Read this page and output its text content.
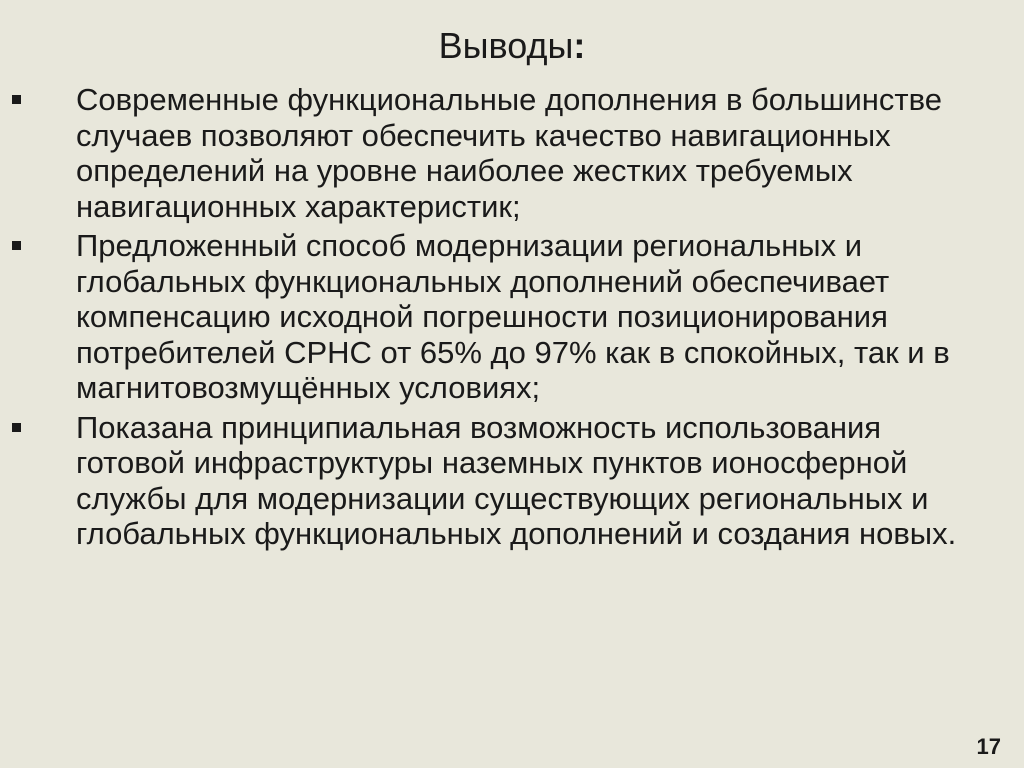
Выводы:
Современные функциональные дополнения в большинстве случаев позволяют обеспечить качество навигационных определений на уровне наиболее жестких требуемых навигационных характеристик;
Предложенный способ модернизации региональных и глобальных функциональных дополнений обеспечивает компенсацию исходной погрешности позиционирования потребителей СРНС от 65% до 97% как в спокойных, так и в магнитовозмущённых условиях;
Показана принципиальная возможность использования готовой инфраструктуры наземных пунктов ионосферной службы для модернизации существующих региональных и глобальных функциональных дополнений и создания новых.
17
